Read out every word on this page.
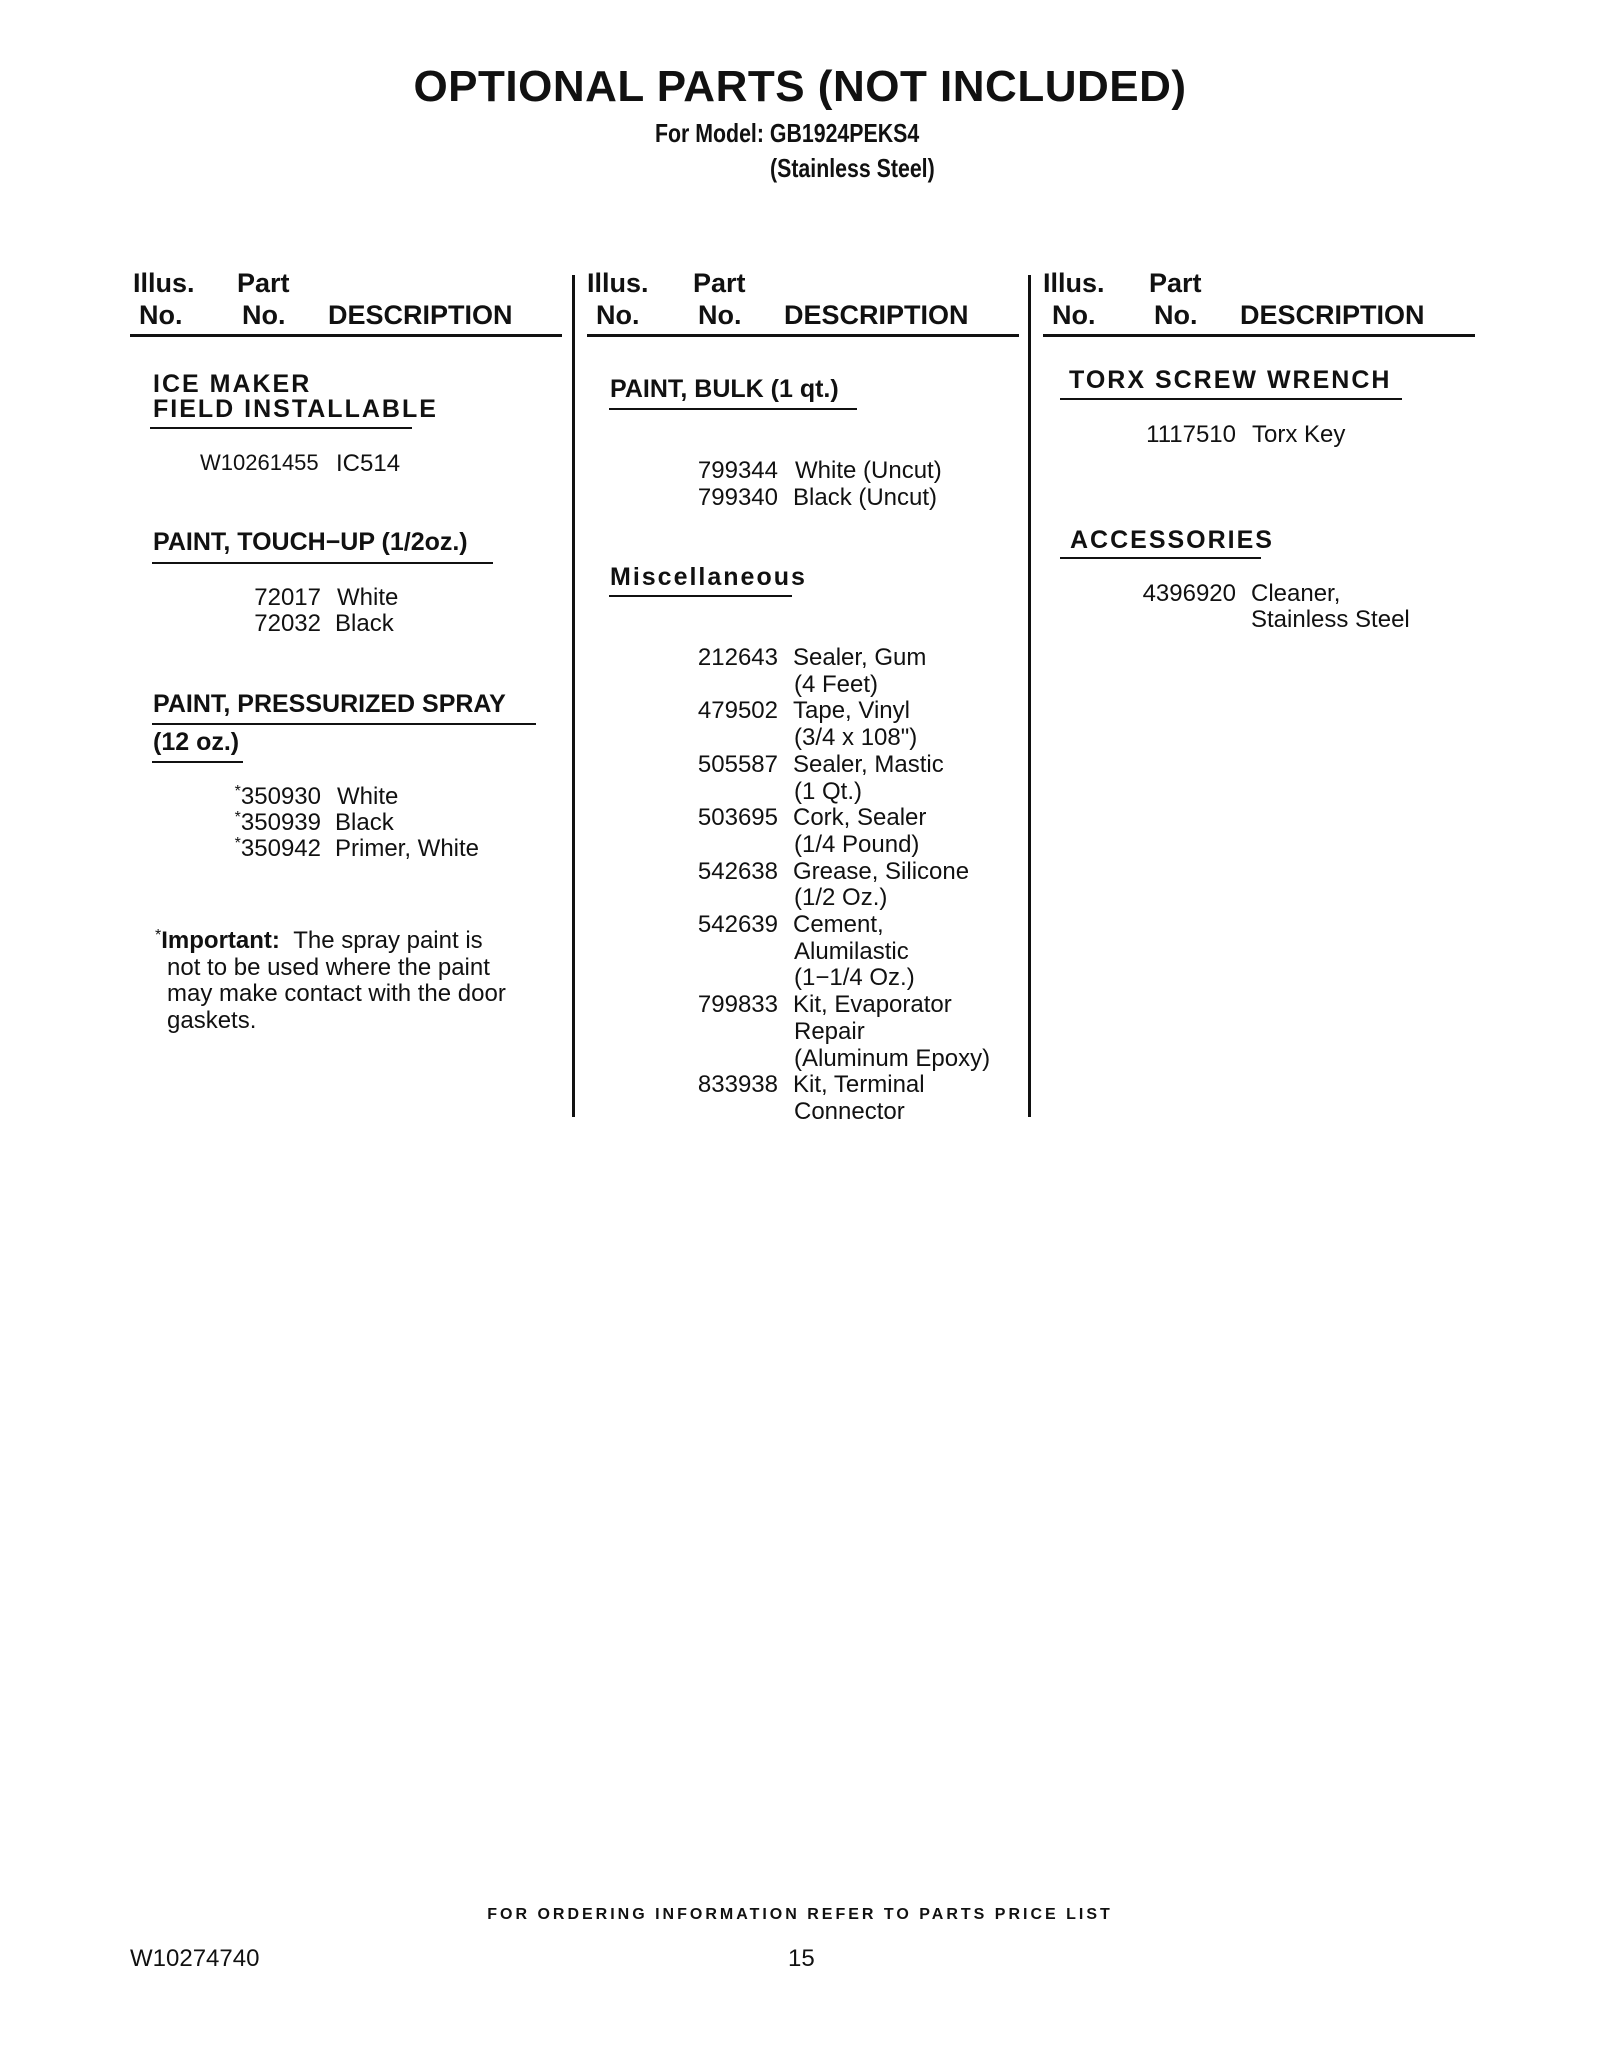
OPTIONAL PARTS (NOT INCLUDED)
For Model: GB1924PEKS4
(Stainless Steel)
Illus.
No.
Part
No. DESCRIPTION
Illus.
No.
Part
No. DESCRIPTION
Illus.
No.
Part
No. DESCRIPTION
ICE MAKER
FIELD INSTALLABLE
W10261455 IC514
PAINT, TOUCH−UP (1/2oz.)
72017 White
72032 Black
PAINT, PRESSURIZED SPRAY
(12 oz.)
*350930 White
*350939 Black
*350942 Primer, White
*Important: The spray paint is
not to be used where the paint
may make contact with the door
gaskets.
PAINT, BULK (1 qt.)
799344 White (Uncut)
799340 Black (Uncut)
Miscellaneous
212643 Sealer, Gum
(4 Feet)
479502 Tape, Vinyl
(3/4 x 108")
505587 Sealer, Mastic
(1 Qt.)
503695 Cork, Sealer
(1/4 Pound)
542638 Grease, Silicone
(1/2 Oz.)
542639 Cement,
Alumilastic
(1−1/4 Oz.)
799833 Kit, Evaporator
Repair
(Aluminum Epoxy)
833938 Kit, Terminal
Connector
TORX SCREW WRENCH
1117510 Torx Key
ACCESSORIES
4396920 Cleaner,
Stainless Steel
FOR ORDERING INFORMATION REFER TO PARTS PRICE LIST
W10274740	15
